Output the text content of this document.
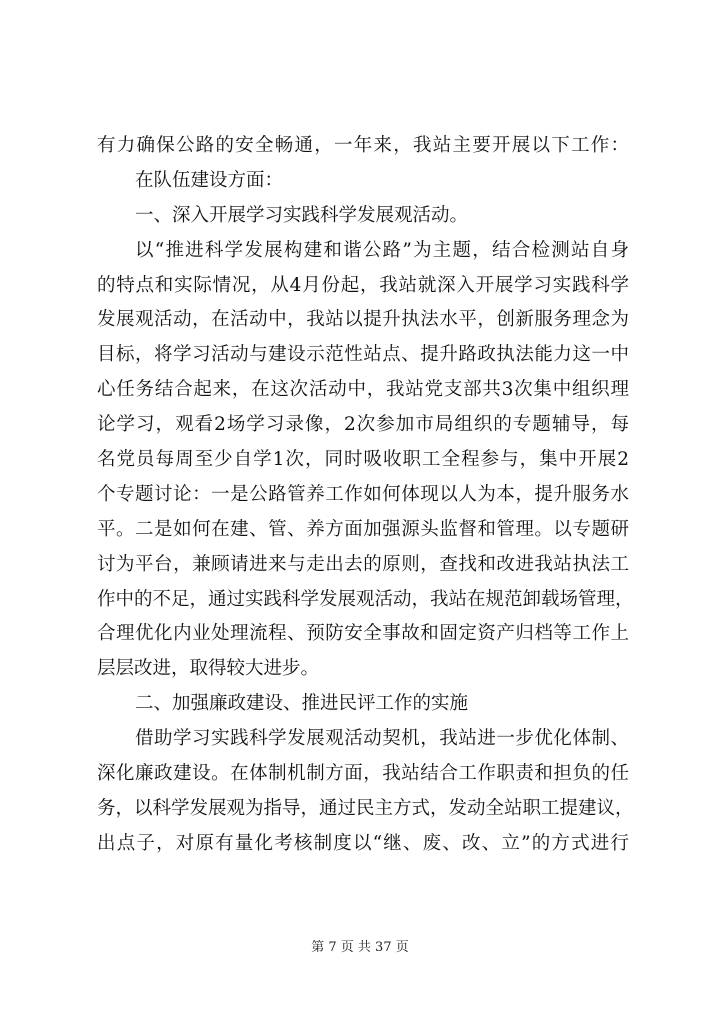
有力确保公路的安全畅通，一年来，我站主要开展以下工作：
在队伍建设方面：
一、深入开展学习实践科学发展观活动。
以“推进科学发展构建和谐公路”为主题，结合检测站自身
的特点和实际情况，从4月份起，我站就深入开展学习实践科学
发展观活动，在活动中，我站以提升执法水平，创新服务理念为
目标，将学习活动与建设示范性站点、提升路政执法能力这一中
心任务结合起来，在这次活动中，我站党支部共3次集中组织理
论学习，观看2场学习录像，2次参加市局组织的专题辅导，每
名党员每周至少自学1次，同时吸收职工全程参与，集中开展2
个专题讨论：一是公路管养工作如何体现以人为本，提升服务水
平。二是如何在建、管、养方面加强源头监督和管理。以专题研
讨为平台，兼顾请进来与走出去的原则，查找和改进我站执法工
作中的不足，通过实践科学发展观活动，我站在规范卸载场管理，
合理优化内业处理流程、预防安全事故和固定资产归档等工作上
层层改进，取得较大进步。
二、加强廉政建设、推进民评工作的实施
借助学习实践科学发展观活动契机，我站进一步优化体制、
深化廉政建设。在体制机制方面，我站结合工作职责和担负的任
务，以科学发展观为指导，通过民主方式，发动全站职工提建议，
出点子，对原有量化考核制度以“继、废、改、立”的方式进行
第 7 页 共 37 页
